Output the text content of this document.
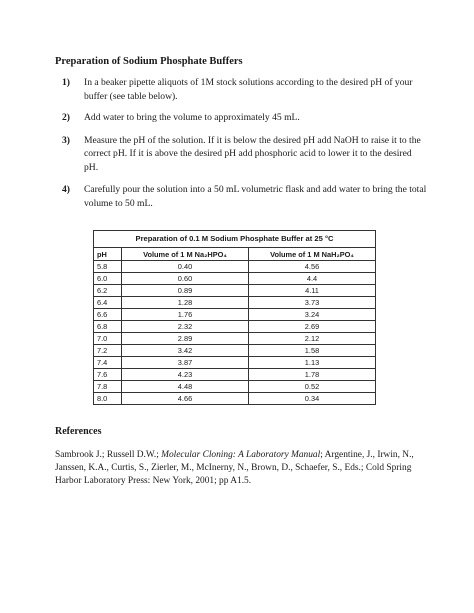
Preparation of Sodium Phosphate Buffers
1)	In a beaker pipette aliquots of 1M stock solutions according to the desired pH of your buffer (see table below).
2)	Add water to bring the volume to approximately 45 mL.
3)	Measure the pH of the solution. If it is below the desired pH add NaOH to raise it to the correct pH. If it is above the desired pH add phosphoric acid to lower it to the desired pH.
4)	Carefully pour the solution into a 50 mL volumetric flask and add water to bring the total volume to 50 mL.
Preparation of 0.1 M Sodium Phosphate Buffer at 25 °C		
pH	Volume of 1 M Na₂HPO₄	Volume of 1 M NaH₂PO₄
5.8	0.40	4.56
6.0	0.60	4.4
6.2	0.89	4.11
6.4	1.28	3.73
6.6	1.76	3.24
6.8	2.32	2.69
7.0	2.89	2.12
7.2	3.42	1.58
7.4	3.87	1.13
7.6	4.23	1.78
7.8	4.48	0.52
8.0	4.66	0.34
References
Sambrook J.; Russell D.W.; Molecular Cloning: A Laboratory Manual; Argentine, J., Irwin, N., Janssen, K.A., Curtis, S., Zierler, M., McInerny, N., Brown, D., Schaefer, S., Eds.; Cold Spring Harbor Laboratory Press: New York, 2001; pp A1.5.
